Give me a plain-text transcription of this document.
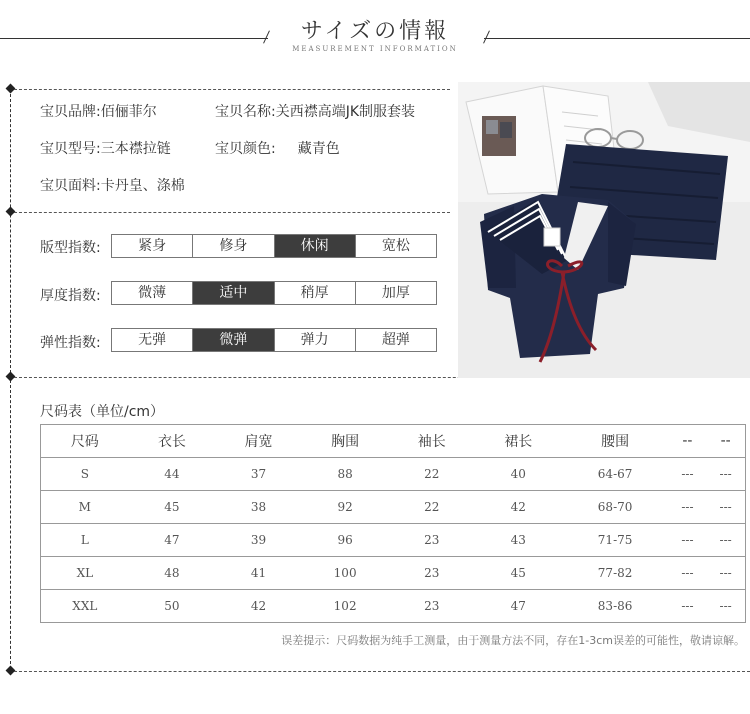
サイズの情報
MEASUREMENT INFORMATION
宝贝品牌:佰俪菲尔	宝贝名称:关西襟高端JK制服套装
宝贝型号:三本襟拉链	宝贝颜色: 藏青色
宝贝面料:卡丹皇、涤棉
版型指数:	紧身	修身	休闲	宽松
厚度指数:	微薄	适中	稍厚	加厚
弹性指数:	无弹	微弹	弹力	超弹
尺码表（单位/cm）
尺码	衣长	肩宽	胸围	袖长	裙长	腰围	--	--
S	44	37	88	22	40	64-67	---	---
M	45	38	92	22	42	68-70	---	---
L	47	39	96	23	43	71-75	---	---
XL	48	41	100	23	45	77-82	---	---
XXL	50	42	102	23	47	83-86	---	---
误差提示：尺码数据为纯手工测量，由于测量方法不同，存在1-3cm误差的可能性，敬请谅解。
